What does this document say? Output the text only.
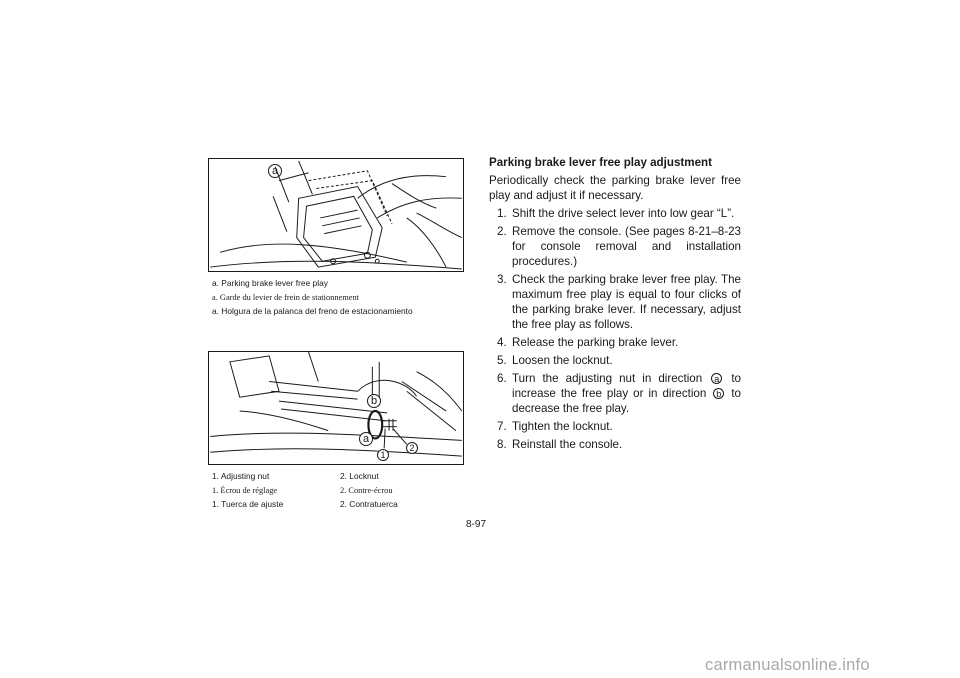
a
a. Parking brake lever free play
a. Garde du levier de frein de stationnement
a. Holgura de la palanca del freno de estacionamiento
b
a
1
2
1. Adjusting nut	2. Locknut
1. Écrou de réglage	2. Contre-écrou
1. Tuerca de ajuste	2. Contratuerca

Parking brake lever free play adjustment

Periodically check the parking brake lever free play and adjust it if necessary.

1. Shift the drive select lever into low gear “L”.
2. Remove the console. (See pages 8-21–8-23 for console removal and installation procedures.)
3. Check the parking brake lever free play. The maximum free play is equal to four clicks of the parking brake lever. If necessary, adjust the free play as follows.
4. Release the parking brake lever.
5. Loosen the locknut.
6. Turn the adjusting nut in direction a to increase the free play or in direction b to decrease the free play.
7. Tighten the locknut.
8. Reinstall the console.
8-97
carmanualsonline.info
